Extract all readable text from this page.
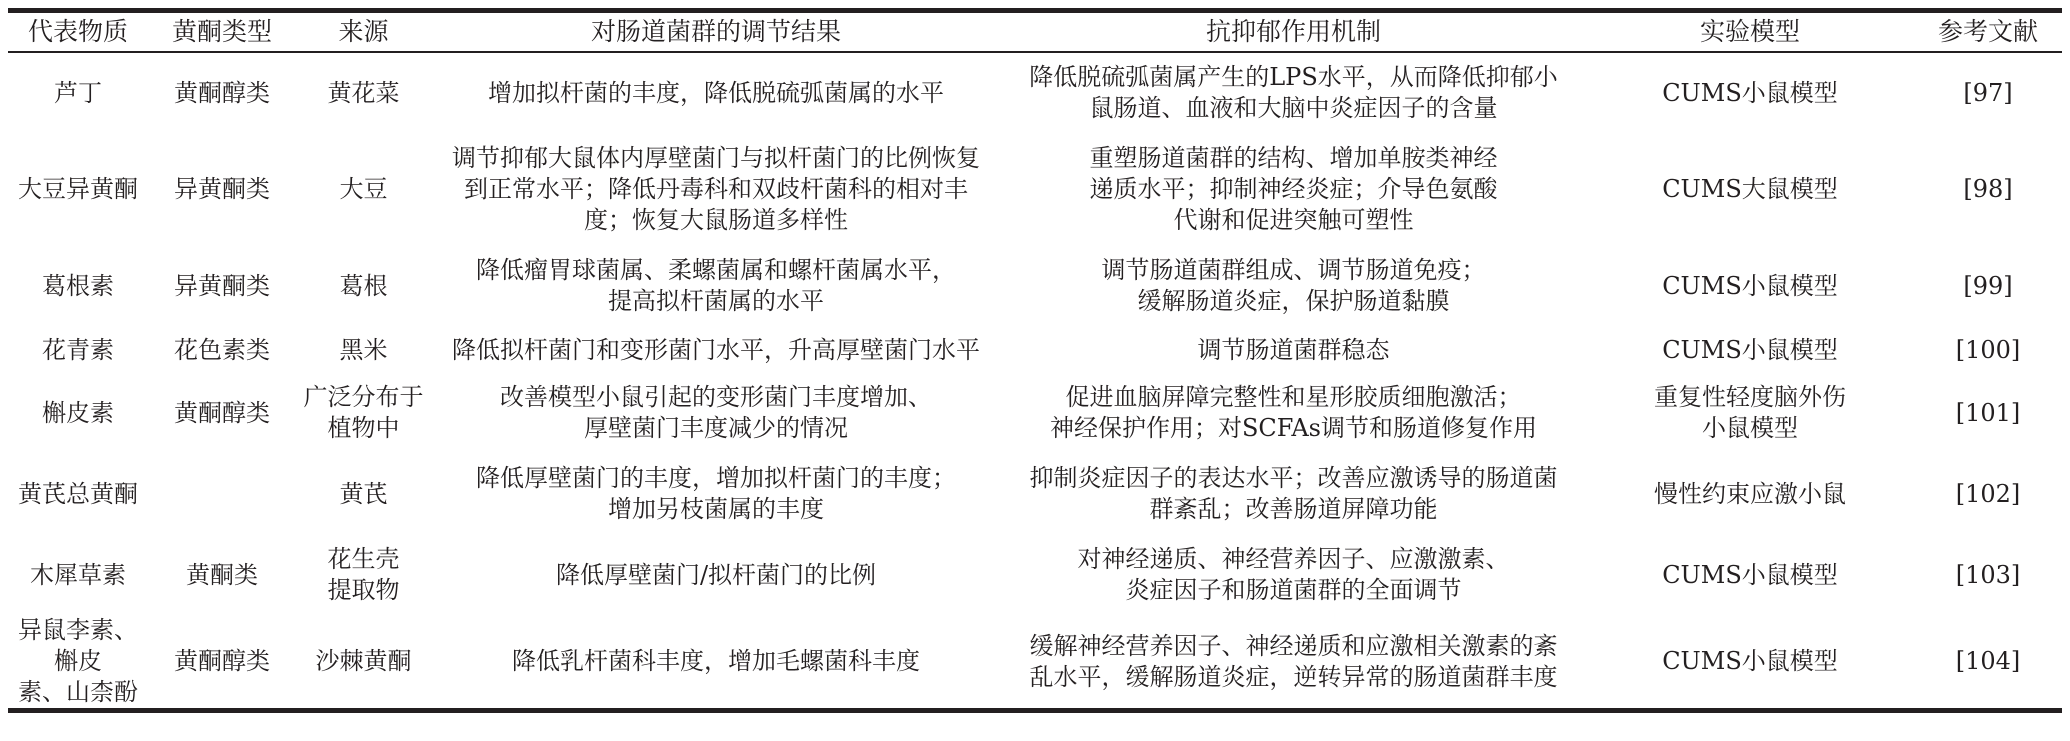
代表物质	黄酮类型	来源	对肠道菌群的调节结果	抗抑郁作用机制	实验模型	参考文献
芦丁	黄酮醇类	黄花菜	增加拟杆菌的丰度，降低脱硫弧菌属的水平	降低脱硫弧菌属产生的LPS水平，从而降低抑郁小
鼠肠道、血液和大脑中炎症因子的含量	CUMS小鼠模型	[97]
大豆异黄酮	异黄酮类	大豆	调节抑郁大鼠体内厚壁菌门与拟杆菌门的比例恢复
到正常水平；降低丹毒科和双歧杆菌科的相对丰
度；恢复大鼠肠道多样性	重塑肠道菌群的结构、增加单胺类神经
递质水平；抑制神经炎症；介导色氨酸
代谢和促进突触可塑性	CUMS大鼠模型	[98]
葛根素	异黄酮类	葛根	降低瘤胃球菌属、柔螺菌属和螺杆菌属水平，
提高拟杆菌属的水平	调节肠道菌群组成、调节肠道免疫；
缓解肠道炎症，保护肠道黏膜	CUMS小鼠模型	[99]
花青素	花色素类	黑米	降低拟杆菌门和变形菌门水平，升高厚壁菌门水平	调节肠道菌群稳态	CUMS小鼠模型	[100]
槲皮素	黄酮醇类	广泛分布于
植物中	改善模型小鼠引起的变形菌门丰度增加、
厚壁菌门丰度减少的情况	促进血脑屏障完整性和星形胶质细胞激活；
神经保护作用；对SCFAs调节和肠道修复作用	重复性轻度脑外伤
小鼠模型	[101]
黄芪总黄酮		黄芪	降低厚壁菌门的丰度，增加拟杆菌门的丰度；
增加另枝菌属的丰度	抑制炎症因子的表达水平；改善应激诱导的肠道菌
群紊乱；改善肠道屏障功能	慢性约束应激小鼠	[102]
木犀草素	黄酮类	花生壳
提取物	降低厚壁菌门/拟杆菌门的比例	对神经递质、神经营养因子、应激激素、
炎症因子和肠道菌群的全面调节	CUMS小鼠模型	[103]
异鼠李素、槲皮
素、山柰酚	黄酮醇类	沙棘黄酮	降低乳杆菌科丰度，增加毛螺菌科丰度	缓解神经营养因子、神经递质和应激相关激素的紊
乱水平，缓解肠道炎症，逆转异常的肠道菌群丰度	CUMS小鼠模型	[104]
